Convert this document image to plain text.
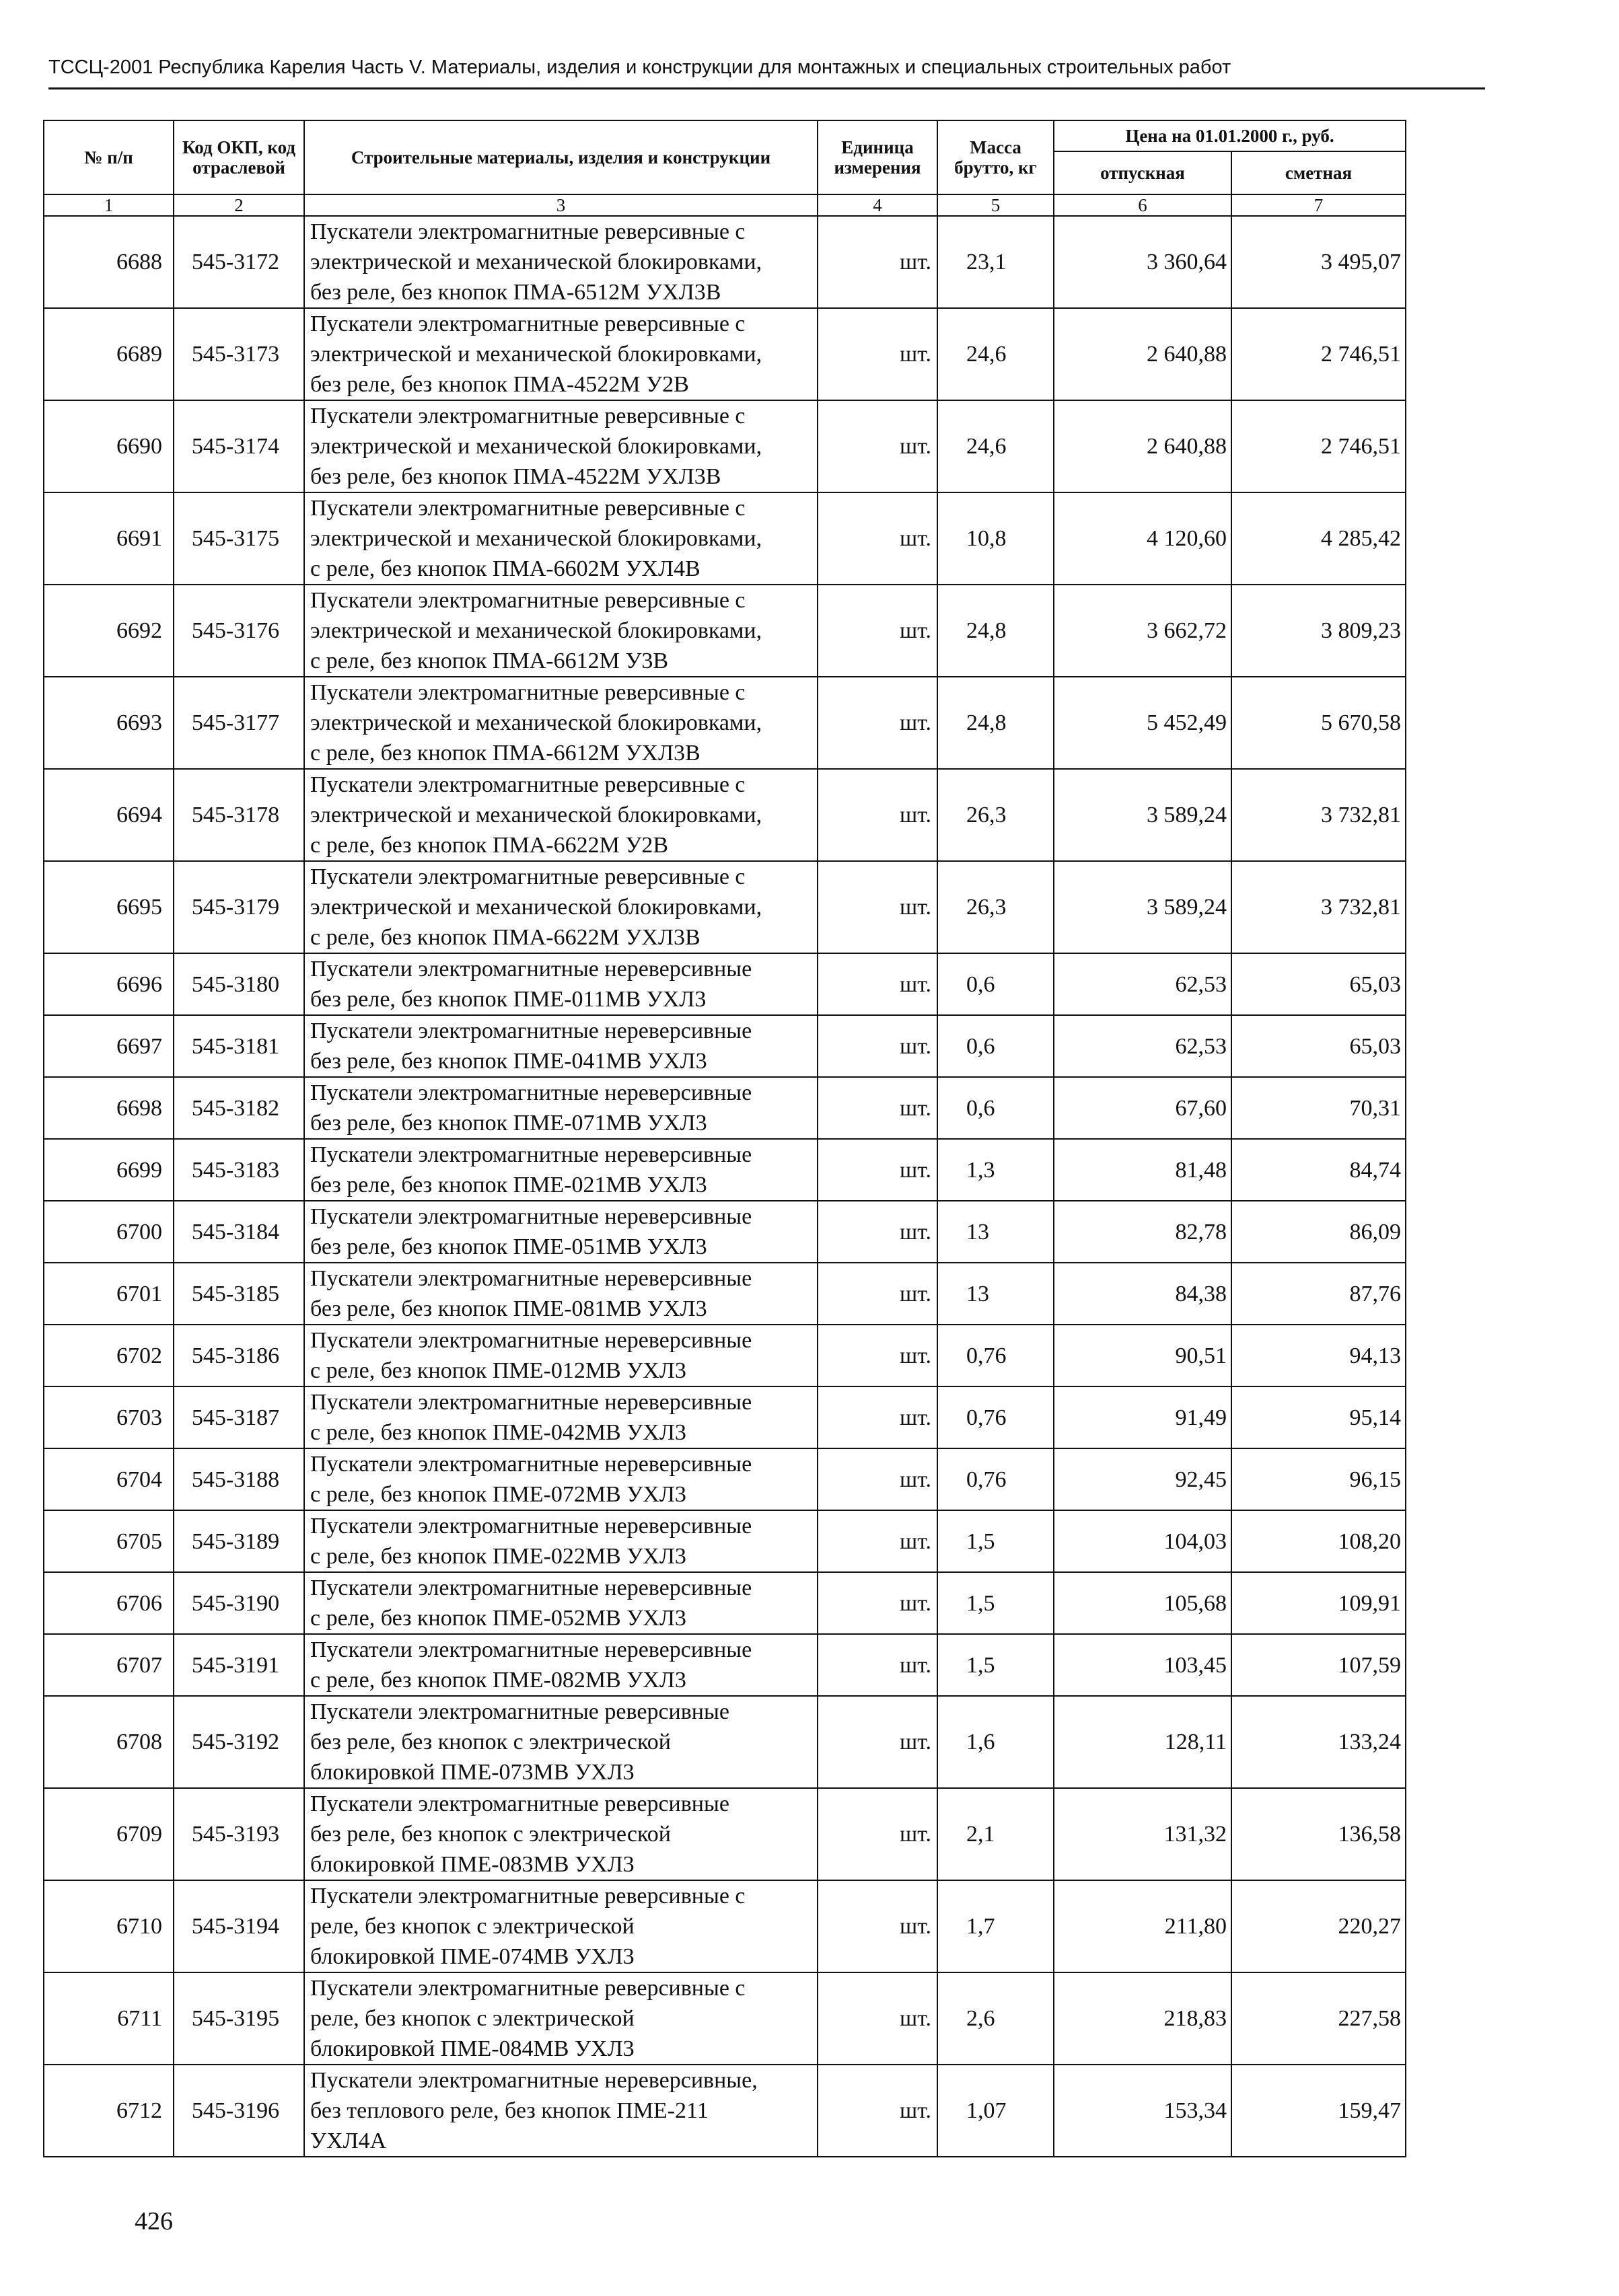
ТССЦ-2001 Республика Карелия Часть V. Материалы, изделия и конструкции для монтажных и специальных строительных работ
№ п/п	Код ОКП, код отраслевой	Строительные материалы, изделия и конструкции	Единица измерения	Масса брутто, кг	Цена на 01.01.2000 г., руб.	
					отпускная	сметная
1	2	3	4	5	6	7
6688	545-3172	Пускатели электромагнитные реверсивные с
электрической и механической блокировками,
без реле, без кнопок ПМА-6512М УХЛ3В	шт.	23,1	3 360,64	3 495,07
6689	545-3173	Пускатели электромагнитные реверсивные с
электрической и механической блокировками,
без реле, без кнопок ПМА-4522М У2В	шт.	24,6	2 640,88	2 746,51
6690	545-3174	Пускатели электромагнитные реверсивные с
электрической и механической блокировками,
без реле, без кнопок ПМА-4522М УХЛ3В	шт.	24,6	2 640,88	2 746,51
6691	545-3175	Пускатели электромагнитные реверсивные с
электрической и механической блокировками,
с реле, без кнопок ПМА-6602М УХЛ4В	шт.	10,8	4 120,60	4 285,42
6692	545-3176	Пускатели электромагнитные реверсивные с
электрической и механической блокировками,
с реле, без кнопок ПМА-6612М У3В	шт.	24,8	3 662,72	3 809,23
6693	545-3177	Пускатели электромагнитные реверсивные с
электрической и механической блокировками,
с реле, без кнопок ПМА-6612М УХЛ3В	шт.	24,8	5 452,49	5 670,58
6694	545-3178	Пускатели электромагнитные реверсивные с
электрической и механической блокировками,
с реле, без кнопок ПМА-6622М У2В	шт.	26,3	3 589,24	3 732,81
6695	545-3179	Пускатели электромагнитные реверсивные с
электрической и механической блокировками,
с реле, без кнопок ПМА-6622М УХЛ3В	шт.	26,3	3 589,24	3 732,81
6696	545-3180	Пускатели электромагнитные нереверсивные
без реле, без кнопок ПМЕ-011МВ УХЛ3	шт.	0,6	62,53	65,03
6697	545-3181	Пускатели электромагнитные нереверсивные
без реле, без кнопок ПМЕ-041МВ УХЛ3	шт.	0,6	62,53	65,03
6698	545-3182	Пускатели электромагнитные нереверсивные
без реле, без кнопок ПМЕ-071МВ УХЛ3	шт.	0,6	67,60	70,31
6699	545-3183	Пускатели электромагнитные нереверсивные
без реле, без кнопок ПМЕ-021МВ УХЛ3	шт.	1,3	81,48	84,74
6700	545-3184	Пускатели электромагнитные нереверсивные
без реле, без кнопок ПМЕ-051МВ УХЛ3	шт.	13	82,78	86,09
6701	545-3185	Пускатели электромагнитные нереверсивные
без реле, без кнопок ПМЕ-081МВ УХЛ3	шт.	13	84,38	87,76
6702	545-3186	Пускатели электромагнитные нереверсивные
с реле, без кнопок ПМЕ-012МВ УХЛ3	шт.	0,76	90,51	94,13
6703	545-3187	Пускатели электромагнитные нереверсивные
с реле, без кнопок ПМЕ-042МВ УХЛ3	шт.	0,76	91,49	95,14
6704	545-3188	Пускатели электромагнитные нереверсивные
с реле, без кнопок ПМЕ-072МВ УХЛ3	шт.	0,76	92,45	96,15
6705	545-3189	Пускатели электромагнитные нереверсивные
с реле, без кнопок ПМЕ-022МВ УХЛ3	шт.	1,5	104,03	108,20
6706	545-3190	Пускатели электромагнитные нереверсивные
с реле, без кнопок ПМЕ-052МВ УХЛ3	шт.	1,5	105,68	109,91
6707	545-3191	Пускатели электромагнитные нереверсивные
с реле, без кнопок ПМЕ-082МВ УХЛ3	шт.	1,5	103,45	107,59
6708	545-3192	Пускатели электромагнитные реверсивные
без реле, без кнопок с электрической
блокировкой ПМЕ-073МВ УХЛ3	шт.	1,6	128,11	133,24
6709	545-3193	Пускатели электромагнитные реверсивные
без реле, без кнопок с электрической
блокировкой ПМЕ-083МВ УХЛ3	шт.	2,1	131,32	136,58
6710	545-3194	Пускатели электромагнитные реверсивные с
реле, без кнопок с электрической
блокировкой ПМЕ-074МВ УХЛ3	шт.	1,7	211,80	220,27
6711	545-3195	Пускатели электромагнитные реверсивные с
реле, без кнопок с электрической
блокировкой ПМЕ-084МВ УХЛ3	шт.	2,6	218,83	227,58
6712	545-3196	Пускатели электромагнитные нереверсивные,
без теплового реле, без кнопок ПМЕ-211
УХЛ4А	шт.	1,07	153,34	159,47
426
